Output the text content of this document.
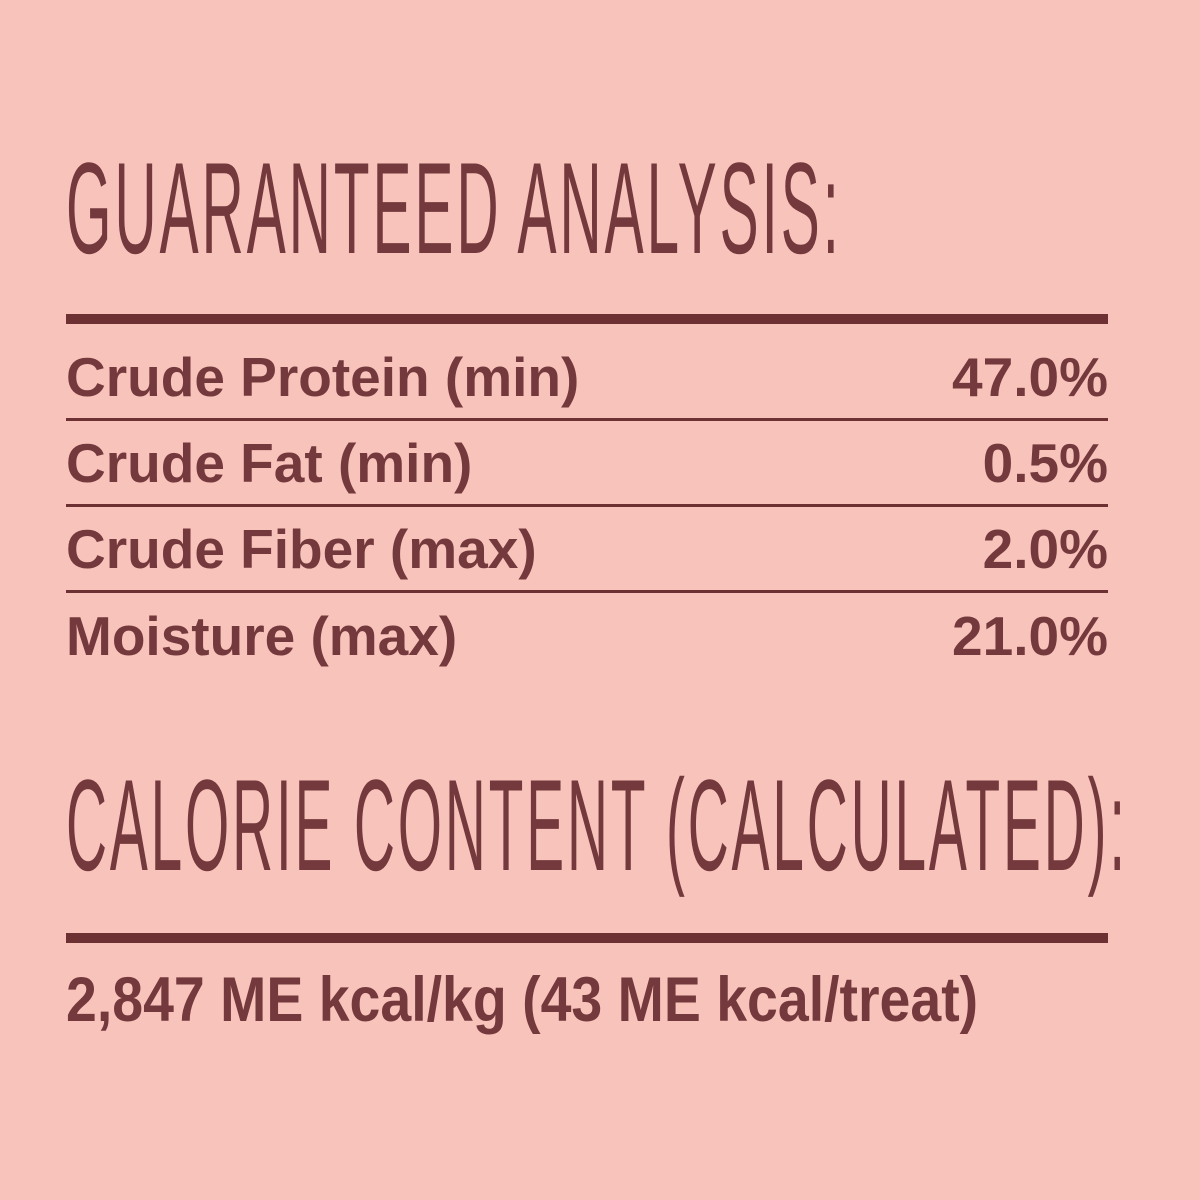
GUARANTEED ANALYSIS:
Crude Protein (min)	47.0%
Crude Fat (min)	0.5%
Crude Fiber (max)	2.0%
Moisture (max)	21.0%
CALORIE CONTENT (CALCULATED):
2,847 ME kcal/kg (43 ME kcal/treat)
